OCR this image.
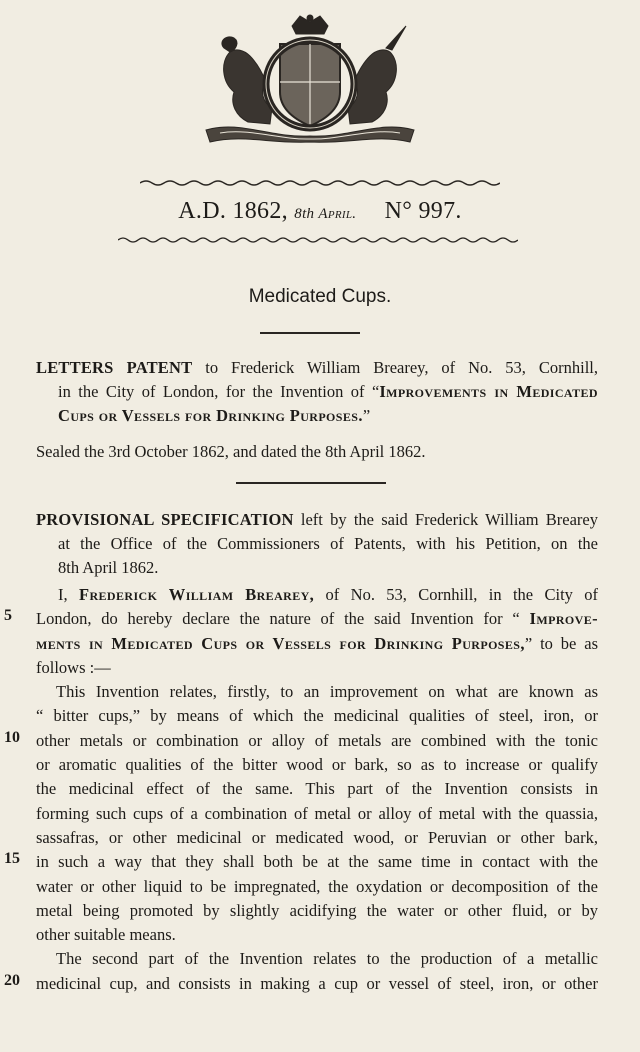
A.D. 1862, 8th April. N° 997.
Medicated Cups.
LETTERS PATENT to Frederick William Brearey, of No. 53, Cornhill,
in the City of London, for the Invention of “Improvements in Medicated
Cups or Vessels for Drinking Purposes.”
Sealed the 3rd October 1862, and dated the 8th April 1862.
PROVISIONAL SPECIFICATION left by the said Frederick William Brearey
at the Office of the Commissioners of Patents, with his Petition, on the
8th April 1862.
I, Frederick William Brearey, of No. 53, Cornhill, in the City of
London, do hereby declare the nature of the said Invention for “ Improve-
ments in Medicated Cups or Vessels for Drinking Purposes,” to be as
follows :—
This Invention relates, firstly, to an improvement on what are known as
“ bitter cups,” by means of which the medicinal qualities of steel, iron, or
other metals or combination or alloy of metals are combined with the tonic
or aromatic qualities of the bitter wood or bark, so as to increase or qualify
the medicinal effect of the same. This part of the Invention consists in
forming such cups of a combination of metal or alloy of metal with the quassia,
sassafras, or other medicinal or medicated wood, or Peruvian or other bark,
in such a way that they shall both be at the same time in contact with the
water or other liquid to be impregnated, the oxydation or decomposition of the
metal being promoted by slightly acidifying the water or other fluid, or by
other suitable means.
The second part of the Invention relates to the production of a metallic
medicinal cup, and consists in making a cup or vessel of steel, iron, or other
5
10
15
20
